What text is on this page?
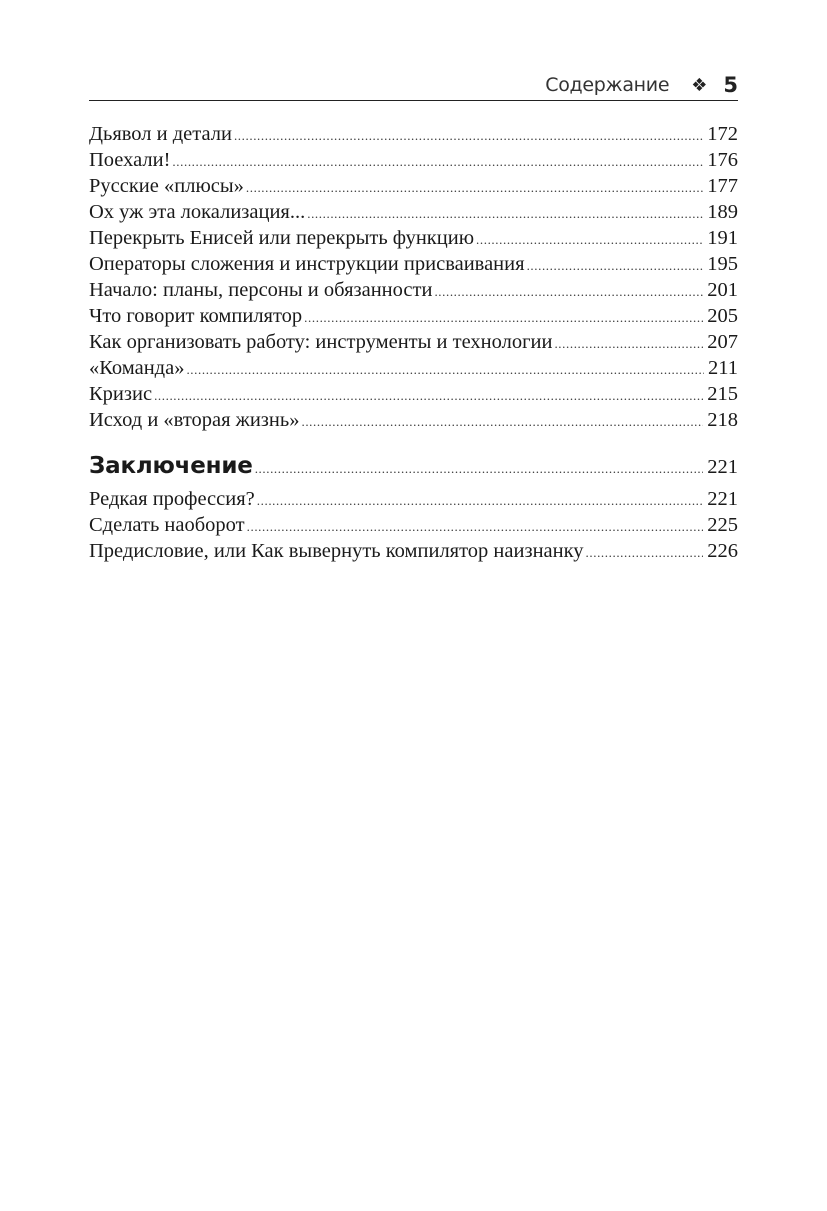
Содержание ❖ 5
Дьявол и детали .....	172
Поехали! .....	176
Русские «плюсы» .....	177
Ох уж эта локализация... .....	189
Перекрыть Енисей или перекрыть функцию .....	191
Операторы сложения и инструкции присваивания .....	195
Начало: планы, персоны и обязанности .....	201
Что говорит компилятор .....	205
Как организовать работу: инструменты и технологии .....	207
«Команда» .....	211
Кризис .....	215
Исход и «вторая жизнь» .....	218
Заключение .....	221
Редкая профессия? .....	221
Сделать наоборот .....	225
Предисловие, или Как вывернуть компилятор наизнанку .....	226
